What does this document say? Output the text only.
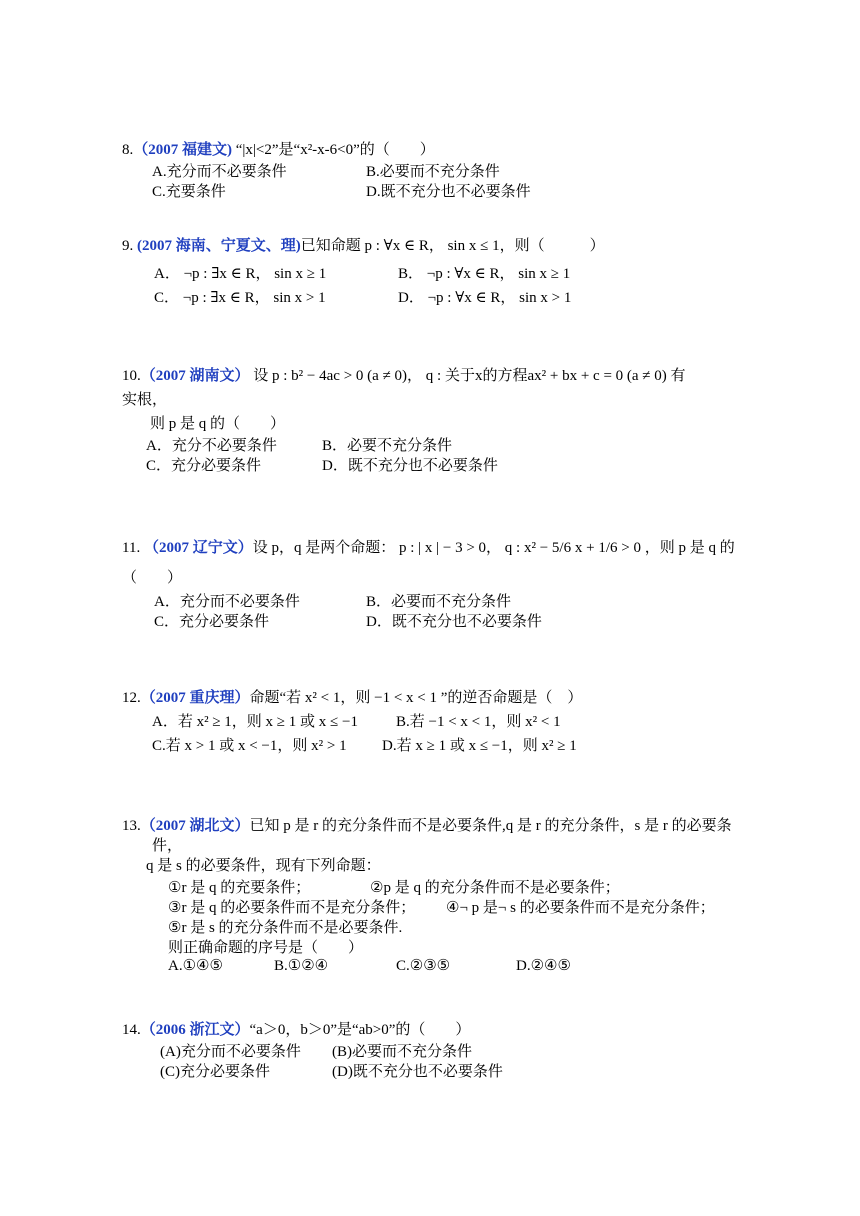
8.（2007 福建文) “|x|<2”是“x²-x-6<0”的（　　）
A.充分而不必要条件	B.必要而不充分条件
C.充要条件	D.既不充分也不必要条件
9. (2007 海南、宁夏文、理)已知命题 p : ∀x ∈ R， sin x ≤ 1，则（　　　）
A． ¬p : ∃x ∈ R， sin x ≥ 1	B． ¬p : ∀x ∈ R， sin x ≥ 1
C． ¬p : ∃x ∈ R， sin x > 1	D． ¬p : ∀x ∈ R， sin x > 1
10.（2007 湖南文） 设 p : b² − 4ac > 0 (a ≠ 0)， q : 关于x的方程ax² + bx + c = 0 (a ≠ 0) 有
实根，
则 p 是 q 的（　　）
A．充分不必要条件	B．必要不充分条件
C．充分必要条件	D．既不充分也不必要条件
11. （2007 辽宁文）设 p，q 是两个命题： p : | x | − 3 > 0， q : x² − 5/6 x + 1/6 > 0 ，则 p 是 q 的
（　　）
A．充分而不必要条件	B．必要而不充分条件
C．充分必要条件	D．既不充分也不必要条件
12.（2007 重庆理）命题“若 x² < 1，则 −1 < x < 1 ”的逆否命题是（　）
A．若 x² ≥ 1，则 x ≥ 1 或 x ≤ −1	B.若 −1 < x < 1，则 x² < 1
C.若 x > 1 或 x < −1，则 x² > 1 D.若 x ≥ 1 或 x ≤ −1，则 x² ≥ 1
13.（2007 湖北文）已知 p 是 r 的充分条件而不是必要条件,q 是 r 的充分条件，s 是 r 的必要条
件，
q 是 s 的必要条件，现有下列命题：
①r 是 q 的充要条件；	②p 是 q 的充分条件而不是必要条件；
③r 是 q 的必要条件而不是充分条件； ④¬ p 是¬ s 的必要条件而不是充分条件；
⑤r 是 s 的充分条件而不是必要条件.
则正确命题的序号是（　　）
A.①④⑤	B.①②④	C.②③⑤	D.②④⑤
14.（2006 浙江文）“a＞0，b＞0”是“ab>0”的（　　）
(A)充分而不必要条件 (B)必要而不充分条件
(C)充分必要条件	(D)既不充分也不必要条件
